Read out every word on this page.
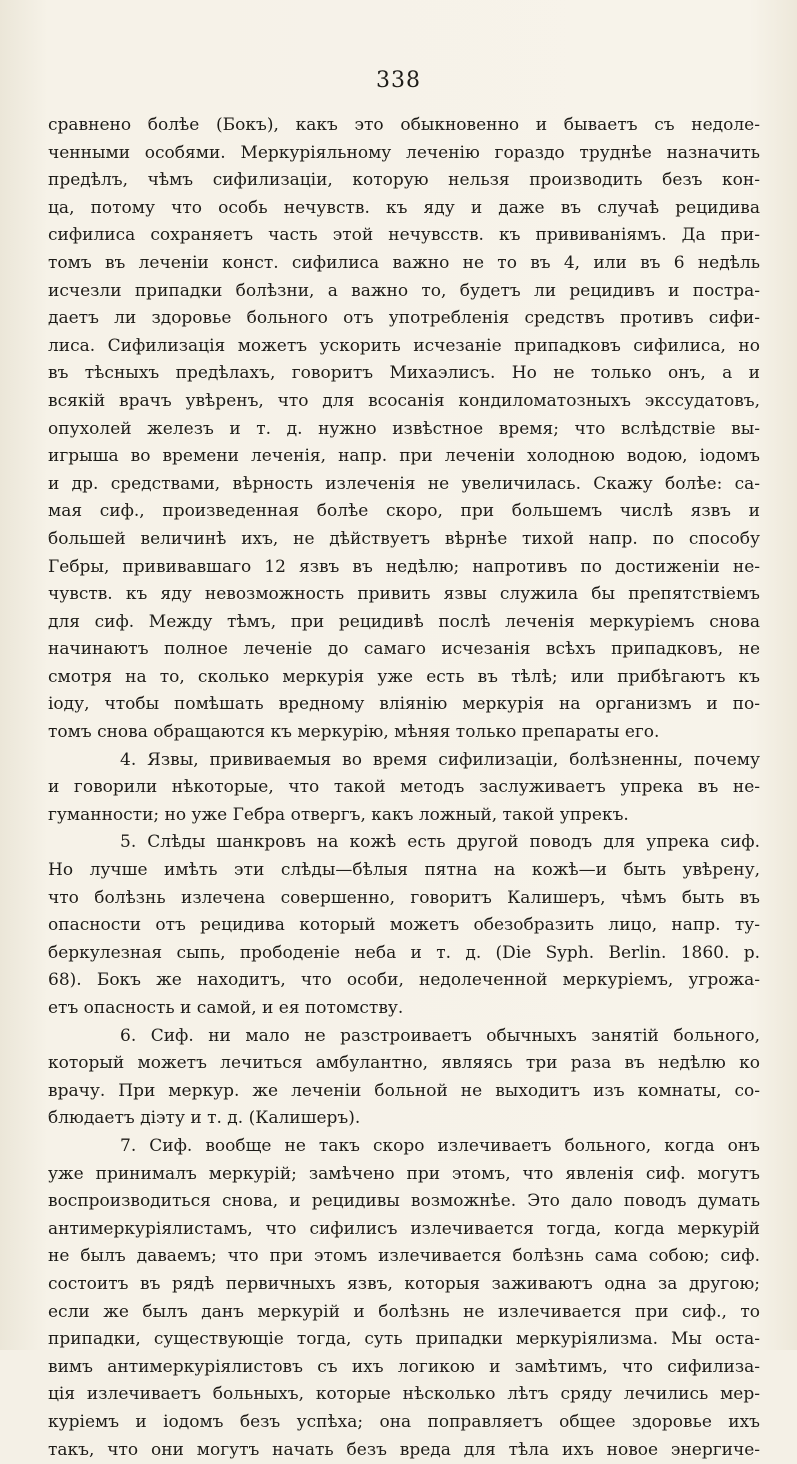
338
сравнено болѣе (Бокъ), какъ это обыкновенно и бываетъ съ недоле-
ченными особями. Меркуріяльному леченію гораздо труднѣе назначить
предѣлъ, чѣмъ сифилизаціи, которую нельзя производить безъ кон-
ца, потому что особь нечувств. къ яду и даже въ случаѣ рецидива
сифилиса сохраняетъ часть этой нечувсств. къ прививаніямъ. Да при-
томъ въ леченіи конст. сифилиса важно не то въ 4, или въ 6 недѣль
исчезли припадки болѣзни, а важно то, будетъ ли рецидивъ и постра-
даетъ ли здоровье больного отъ употребленія средствъ противъ сифи-
лиса. Сифилизація можетъ ускорить исчезаніе припадковъ сифилиса, но
въ тѣсныхъ предѣлахъ, говоритъ Михаэлисъ. Но не только онъ, а и
всякій врачъ увѣренъ, что для всосанія кондиломатозныхъ экссудатовъ,
опухолей железъ и т. д. нужно извѣстное время; что вслѣдствіе вы-
игрыша во времени леченія, напр. при леченіи холодною водою, іодомъ
и др. средствами, вѣрность излеченія не увеличилась. Скажу болѣе: са-
мая сиф., произведенная болѣе скоро, при большемъ числѣ язвъ и
большей величинѣ ихъ, не дѣйствуетъ вѣрнѣе тихой напр. по способу
Гебры, прививавшаго 12 язвъ въ недѣлю; напротивъ по достиженіи не-
чувств. къ яду невозможность привить язвы служила бы препятствіемъ
для сиф. Между тѣмъ, при рецидивѣ послѣ леченія меркуріемъ снова
начинаютъ полное леченіе до самаго исчезанія всѣхъ припадковъ, не
смотря на то, сколько меркурія уже есть въ тѣлѣ; или прибѣгаютъ къ
іоду, чтобы помѣшать вредному вліянію меркурія на организмъ и по-
томъ снова обращаются къ меркурію, мѣняя только препараты его.
4. Язвы, прививаемыя во время сифилизаціи, болѣзненны, почему
и говорили нѣкоторые, что такой методъ заслуживаетъ упрека въ не-
гуманности; но уже Гебра отвергъ, какъ ложный, такой упрекъ.
5. Слѣды шанкровъ на кожѣ есть другой поводъ для упрека сиф.
Но лучше имѣть эти слѣды—бѣлыя пятна на кожѣ—и быть увѣрену,
что болѣзнь излечена совершенно, говоритъ Калишеръ, чѣмъ быть въ
опасности отъ рецидива который можетъ обезобразить лицо, напр. ту-
беркулезная сыпь, прободеніе неба и т. д. (Die Syph. Berlin. 1860. p.
68). Бокъ же находитъ, что особи, недолеченной меркуріемъ, угрожа-
етъ опасность и самой, и ея потомству.
6. Сиф. ни мало не разстроиваетъ обычныхъ занятій больного,
который можетъ лечиться амбулантно, являясь три раза въ недѣлю ко
врачу. При меркур. же леченіи больной не выходитъ изъ комнаты, со-
блюдаетъ діэту и т. д. (Калишеръ).
7. Сиф. вообще не такъ скоро излечиваетъ больного, когда онъ
уже принималъ меркурій; замѣчено при этомъ, что явленія сиф. могутъ
воспроизводиться снова, и рецидивы возможнѣе. Это дало поводъ думать
антимеркуріялистамъ, что сифилисъ излечивается тогда, когда меркурій
не былъ даваемъ; что при этомъ излечивается болѣзнь сама собою; сиф.
состоитъ въ рядѣ первичныхъ язвъ, которыя заживаютъ одна за другою;
если же былъ данъ меркурій и болѣзнь не излечивается при сиф., то
припадки, существующіе тогда, суть припадки меркуріялизма. Мы оста-
вимъ антимеркуріялистовъ съ ихъ логикою и замѣтимъ, что сифилиза-
ція излечиваетъ больныхъ, которые нѣсколько лѣтъ сряду лечились мер-
куріемъ и іодомъ безъ успѣха; она поправляетъ общее здоровье ихъ
такъ, что они могутъ начать безъ вреда для тѣла ихъ новое энергиче-
